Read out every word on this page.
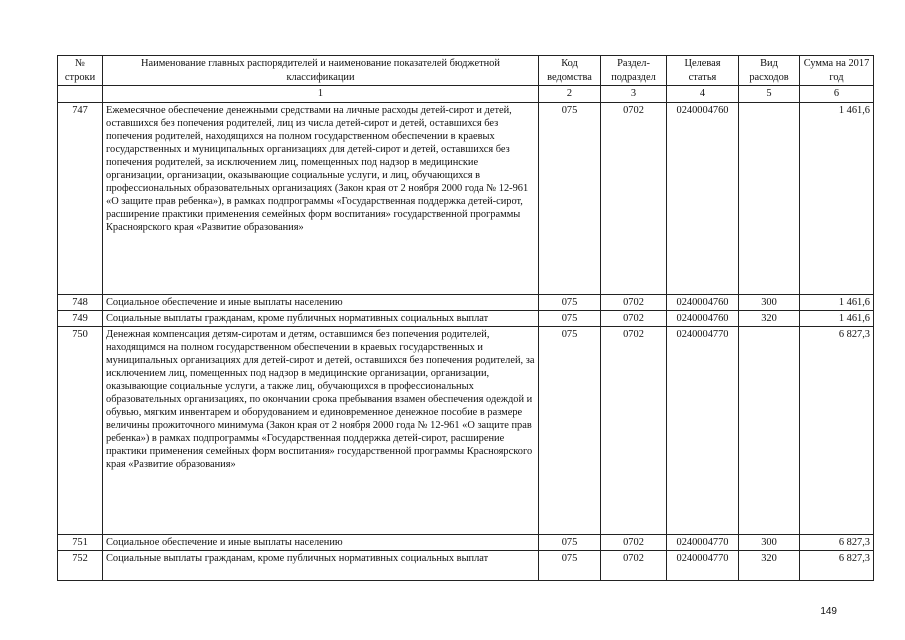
№ строки	Наименование главных распорядителей и наименование показателей бюджетной классификации	Код ведомства	Раздел-подраздел	Целевая статья	Вид расходов	Сумма на 2017 год
	1	2	3	4	5	6
747	Ежемесячное обеспечение денежными средствами на личные расходы детей-сирот и детей, оставшихся без попечения родителей, лиц из числа детей-сирот и детей, оставшихся без попечения родителей, находящихся на полном государственном обеспечении в краевых государственных и муниципальных организациях для детей-сирот и детей, оставшихся без попечения родителей, за исключением лиц, помещенных под надзор в медицинские организации, организации, оказывающие социальные услуги, и лиц, обучающихся в профессиональных образовательных организациях (Закон края от 2 ноября 2000 года № 12-961 «О защите прав ребенка»), в рамках подпрограммы «Государственная поддержка детей-сирот, расширение практики применения семейных форм воспитания» государственной программы Красноярского края «Развитие образования»	075	0702	0240004760		1 461,6
748	Социальное обеспечение и иные выплаты населению	075	0702	0240004760	300	1 461,6
749	Социальные выплаты гражданам, кроме публичных нормативных социальных выплат	075	0702	0240004760	320	1 461,6
750	Денежная компенсация детям-сиротам и детям, оставшимся без попечения родителей, находящимся на полном государственном обеспечении в краевых государственных и муниципальных организациях для детей-сирот и детей, оставшихся без попечения родителей, за исключением лиц, помещенных под надзор в медицинские организации, организации, оказывающие социальные услуги, а также лиц, обучающихся в профессиональных образовательных организациях, по окончании срока пребывания взамен обеспечения одеждой и обувью, мягким инвентарем и оборудованием и единовременное денежное пособие в размере величины прожиточного минимума (Закон края от 2 ноября 2000 года № 12-961 «О защите прав ребенка») в рамках подпрограммы «Государственная поддержка детей-сирот, расширение практики применения семейных форм воспитания» государственной программы Красноярского края «Развитие образования»	075	0702	0240004770		6 827,3
751	Социальное обеспечение и иные выплаты населению	075	0702	0240004770	300	6 827,3
752	Социальные выплаты гражданам, кроме публичных нормативных социальных выплат	075	0702	0240004770	320	6 827,3
149
